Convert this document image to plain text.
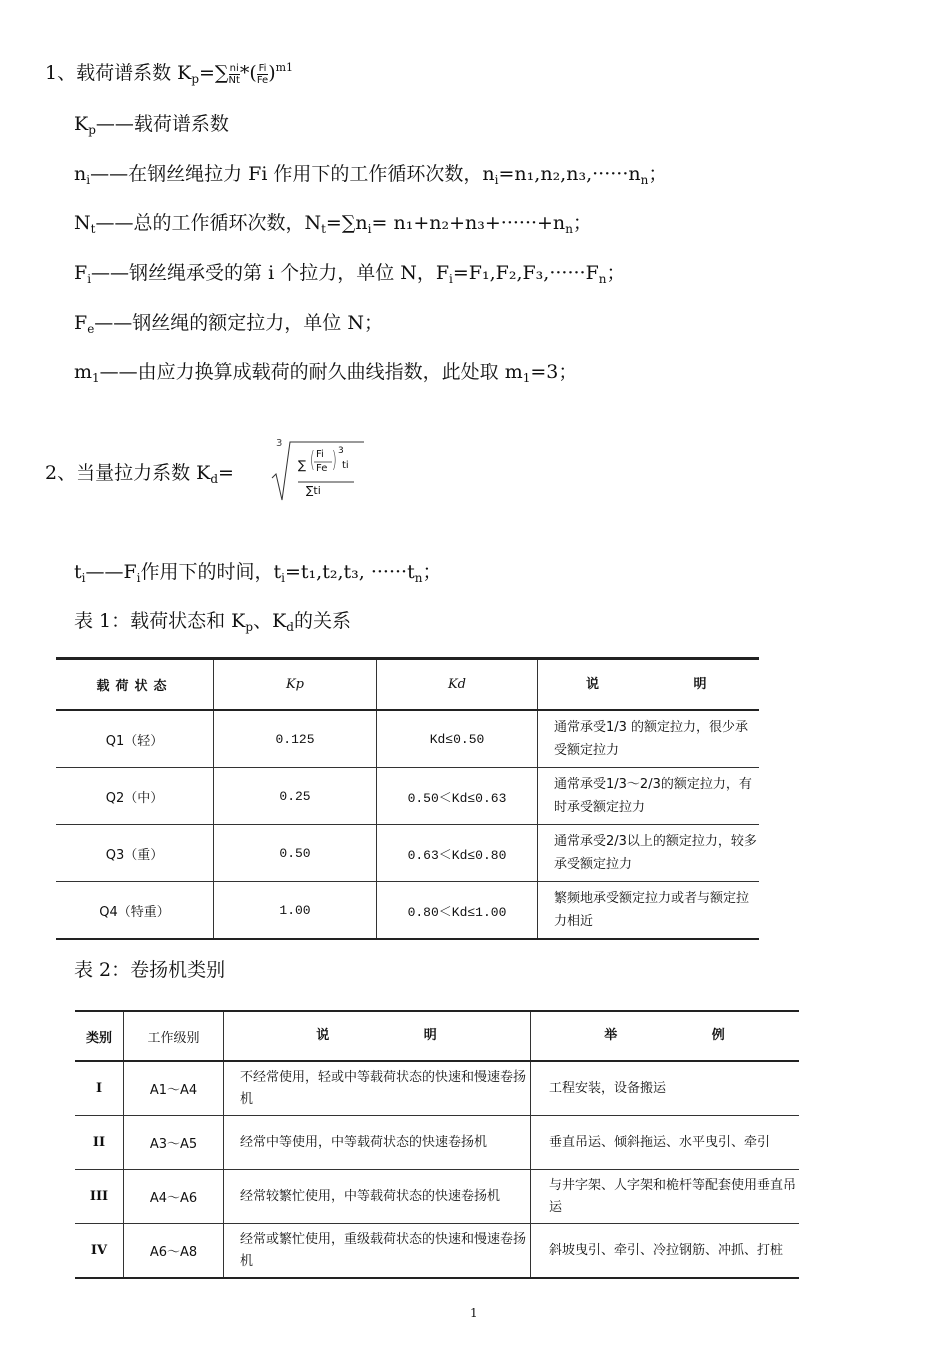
1、载荷谱系数 $K_p=\sum \frac{ni}{Nt}$ *( $\frac{Fi}{Fe} )^{m1}$
$K_p——$载荷谱系数
$n_i——$在钢丝绳拉力 Fi 作用下的工作循环次数，$n_i=n_1,n_2,n_3,\cdot\cdot\cdot\cdot\cdot\cdot n_n$；
$N_t——$总的工作循环次数，$N_t=\sum n_i= n_1+n_2+n_3+\cdot\cdot\cdot\cdot\cdot\cdot+n_n$；
$F_i——$钢丝绳承受的第 i 个拉力，单位 N，$F_i=F_1,F_2,F_3,\cdot\cdot\cdot\cdot\cdot\cdot F_n$；
$F_e——$钢丝绳的额定拉力，单位 N；
$m_1——$由应力换算成载荷的耐久曲线指数，此处取 $m_1=3$；
2、当量拉力系数 $K_d=$
3
∑ ( Fi
Fe ) 3
ti
∑ti
$t_i——F_i$作用下的时间，$t_i=t_1,t_2,t_3$, $\cdot\cdot\cdot\cdot\cdot\cdot t_n$；
表 1：载荷状态和 $K_p$、$K_d$的关系
载荷状态	Kp	Kd	说 明
Q1（轻）	0.125	Kd≤0.50	通常承受1/3 的额定拉力，很少承受额定拉力
Q2（中）	0.25	0.50＜Kd≤0.63	通常承受1/3～2/3的额定拉力，有时承受额定拉力
Q3（重）	0.50	0.63＜Kd≤0.80	通常承受2/3以上的额定拉力，较多承受额定拉力
Q4（特重）	1.00	0.80＜Kd≤1.00	繁频地承受额定拉力或者与额定拉力相近
表 2：卷扬机类别
类别	工作级别	说 明	举 例
I	A1～A4	不经常使用，轻或中等载荷状态的快速和慢速卷扬机	工程安装，设备搬运
II	A3～A5	经常中等使用，中等载荷状态的快速卷扬机	垂直吊运、倾斜拖运、水平曳引、牵引
III	A4～A6	经常较繁忙使用，中等载荷状态的快速卷扬机	与井字架、人字架和桅杆等配套使用垂直吊运
IV	A6～A8	经常或繁忙使用，重级载荷状态的快速和慢速卷扬机	斜坡曳引、牵引、冷拉钢筋、冲抓、打桩
1
